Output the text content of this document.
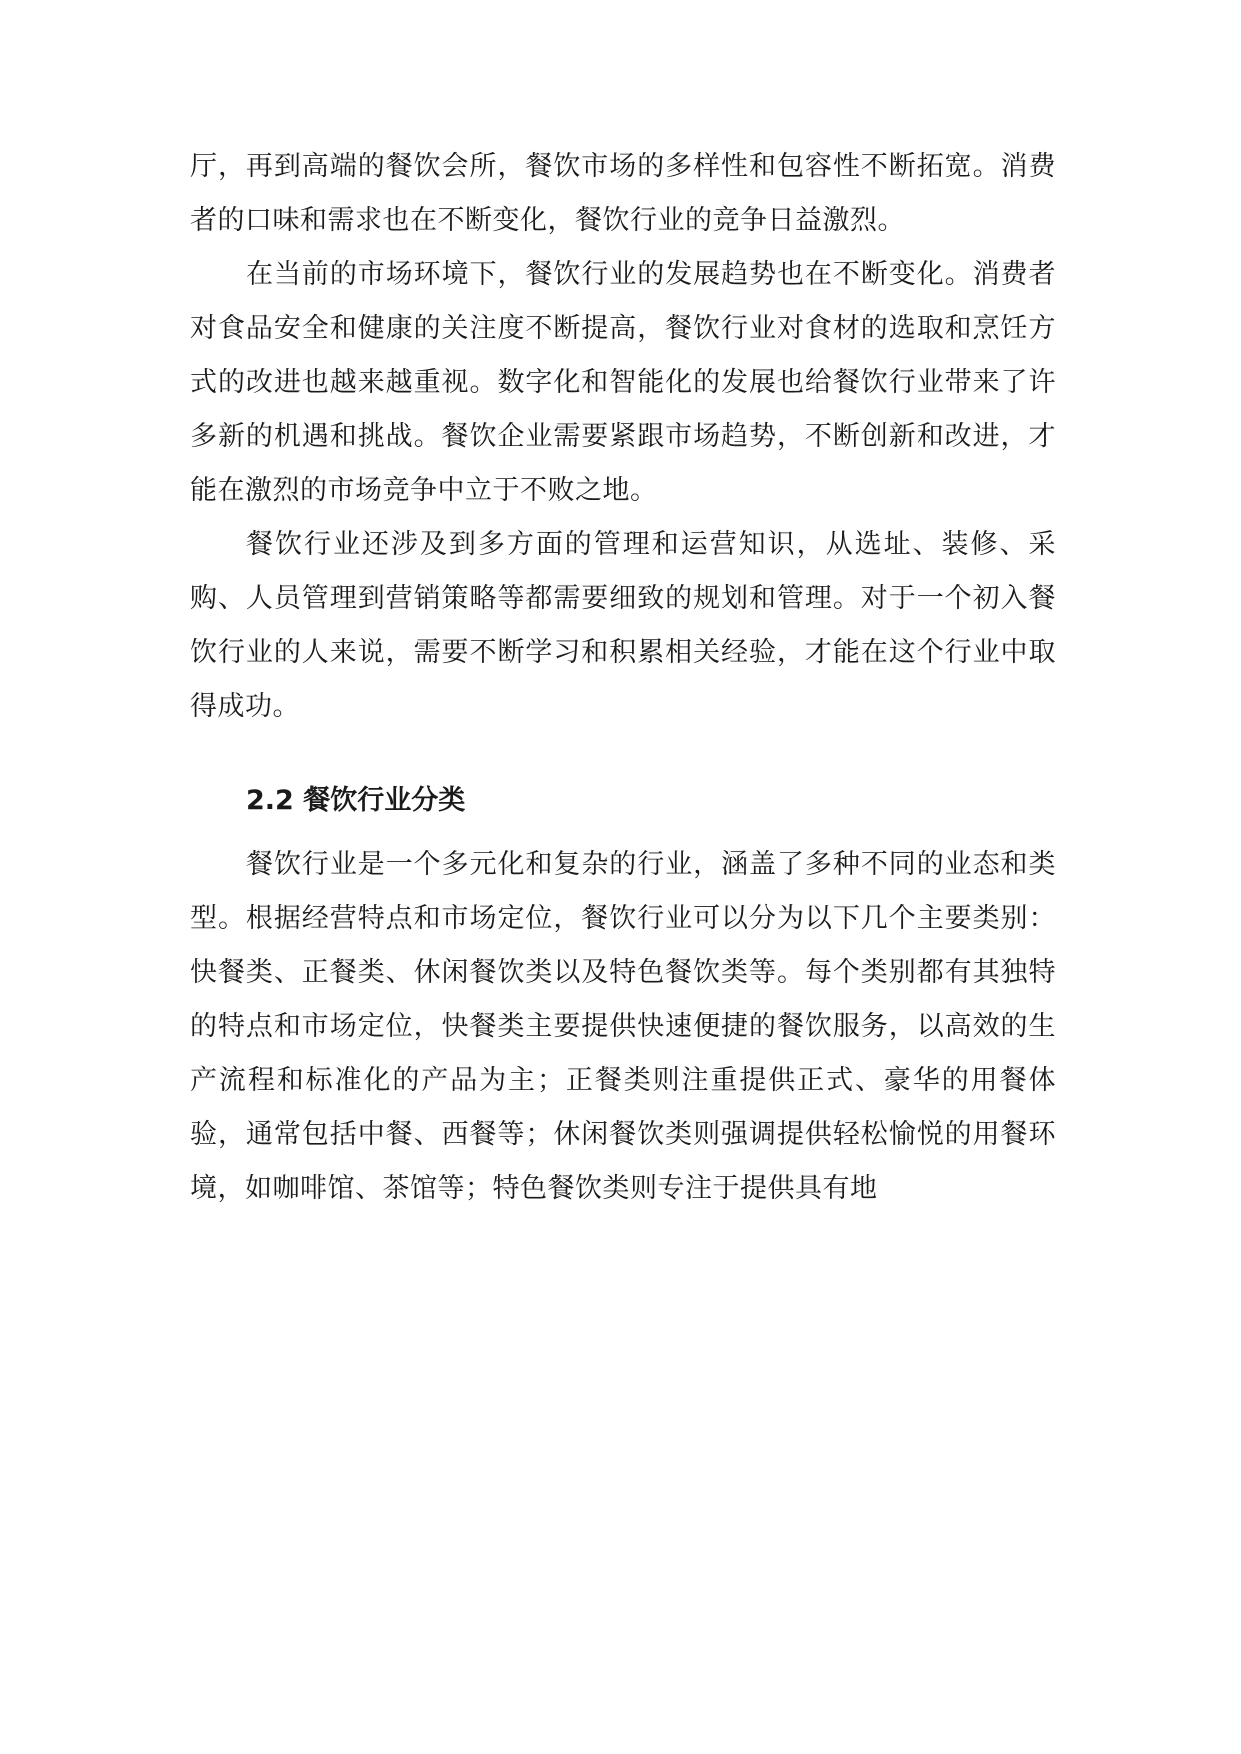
厅，再到高端的餐饮会所，餐饮市场的多样性和包容性不断拓宽。消费者的口味和需求也在不断变化，餐饮行业的竞争日益激烈。

在当前的市场环境下，餐饮行业的发展趋势也在不断变化。消费者对食品安全和健康的关注度不断提高，餐饮行业对食材的选取和烹饪方式的改进也越来越重视。数字化和智能化的发展也给餐饮行业带来了许多新的机遇和挑战。餐饮企业需要紧跟市场趋势，不断创新和改进，才能在激烈的市场竞争中立于不败之地。

餐饮行业还涉及到多方面的管理和运营知识，从选址、装修、采购、人员管理到营销策略等都需要细致的规划和管理。对于一个初入餐饮行业的人来说，需要不断学习和积累相关经验，才能在这个行业中取得成功。

2.2 餐饮行业分类

餐饮行业是一个多元化和复杂的行业，涵盖了多种不同的业态和类型。根据经营特点和市场定位，餐饮行业可以分为以下几个主要类别：快餐类、正餐类、休闲餐饮类以及特色餐饮类等。每个类别都有其独特的特点和市场定位，快餐类主要提供快速便捷的餐饮服务，以高效的生产流程和标准化的产品为主；正餐类则注重提供正式、豪华的用餐体验，通常包括中餐、西餐等；休闲餐饮类则强调提供轻松愉悦的用餐环境，如咖啡馆、茶馆等；特色餐饮类则专注于提供具有地
